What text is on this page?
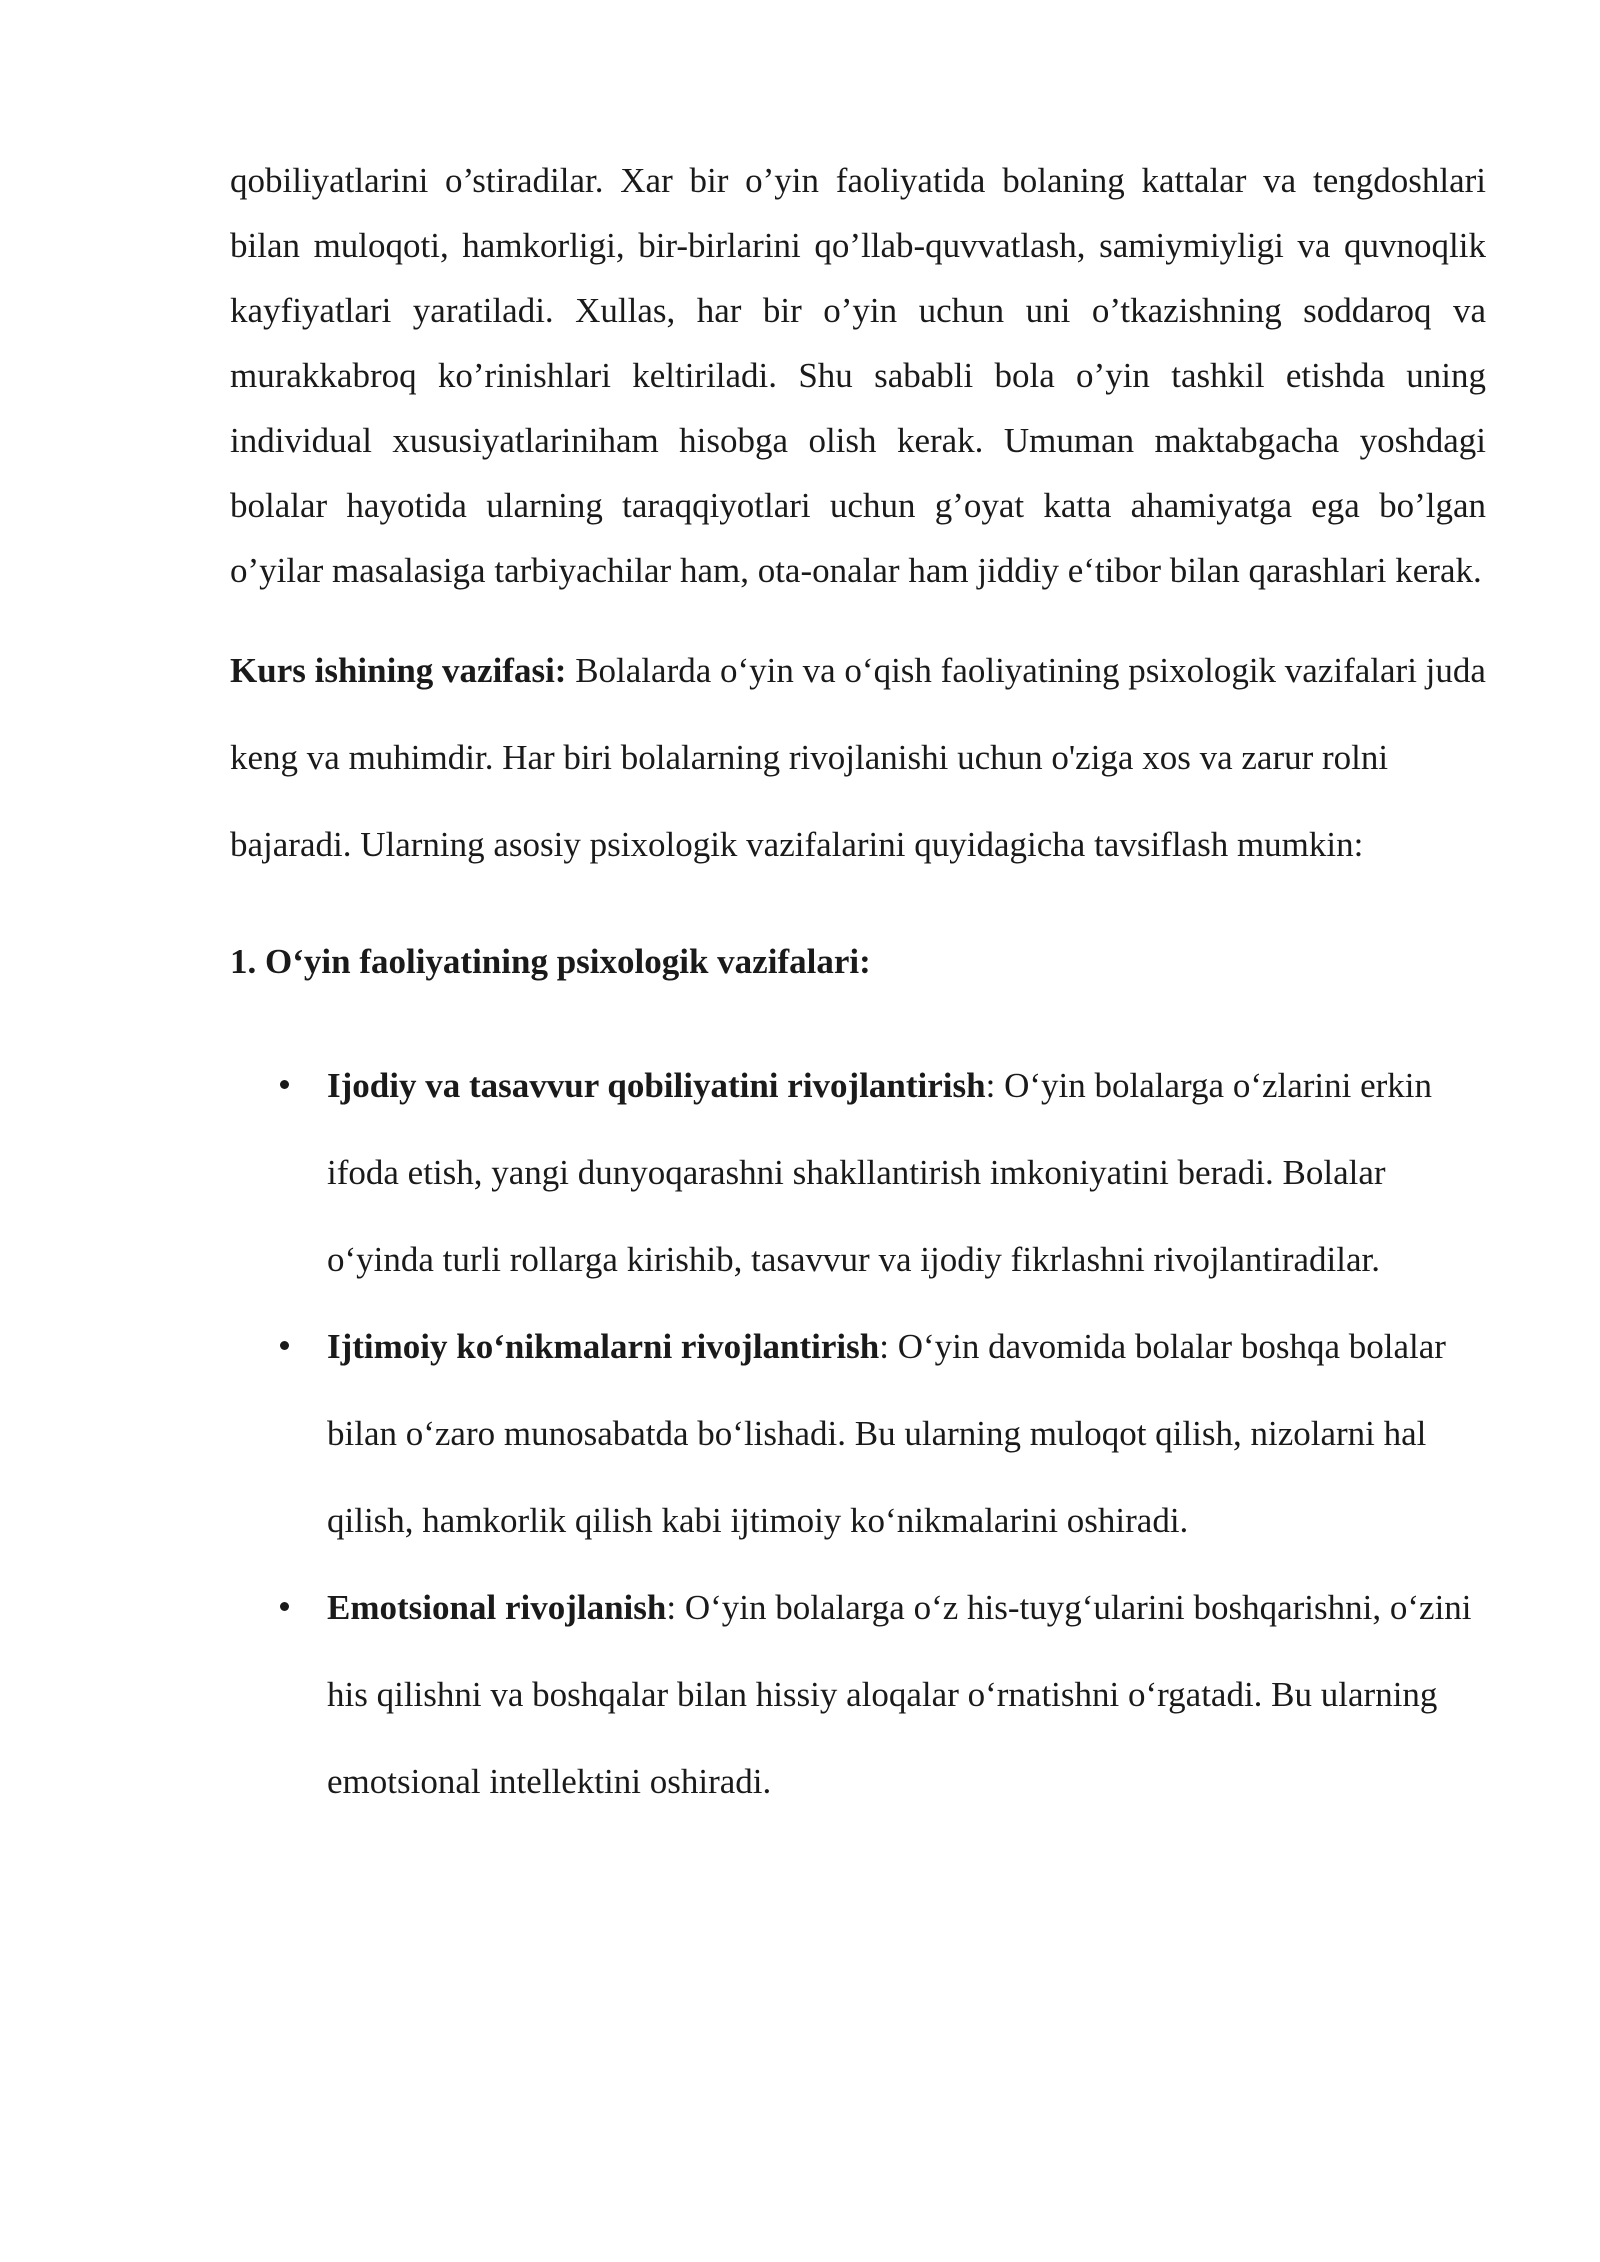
qobiliyatlarini o’stiradilar. Xar bir o’yin faoliyatida bolaning kattalar va tengdoshlari bilan muloqoti, hamkorligi, bir-birlarini qo’llab-quvvatlash, samiymiyligi va quvnoqlik kayfiyatlari yaratiladi. Xullas, har bir o’yin uchun uni o’tkazishning soddaroq va murakkabroq ko’rinishlari keltiriladi. Shu sababli bola o’yin tashkil etishda uning individual xususiyatlariniham hisobga olish kerak. Umuman maktabgacha yoshdagi bolalar hayotida ularning taraqqiyotlari uchun g’oyat katta ahamiyatga ega bo’lgan o’yilar masalasiga tarbiyachilar ham, ota-onalar ham jiddiy e‘tibor bilan qarashlari kerak.

Kurs ishining vazifasi: Bolalarda o‘yin va o‘qish faoliyatining psixologik vazifalari juda keng va muhimdir. Har biri bolalarning rivojlanishi uchun o'ziga xos va zarur rolni bajaradi. Ularning asosiy psixologik vazifalarini quyidagicha tavsiflash mumkin:

1. O‘yin faoliyatining psixologik vazifalari:

Ijodiy va tasavvur qobiliyatini rivojlantirish: O‘yin bolalarga o‘zlarini erkin ifoda etish, yangi dunyoqarashni shakllantirish imkoniyatini beradi. Bolalar o‘yinda turli rollarga kirishib, tasavvur va ijodiy fikrlashni rivojlantiradilar.
Ijtimoiy ko‘nikmalarni rivojlantirish: O‘yin davomida bolalar boshqa bolalar bilan o‘zaro munosabatda bo‘lishadi. Bu ularning muloqot qilish, nizolarni hal qilish, hamkorlik qilish kabi ijtimoiy ko‘nikmalarini oshiradi.
Emotsional rivojlanish: O‘yin bolalarga o‘z his-tuyg‘ularini boshqarishni, o‘zini his qilishni va boshqalar bilan hissiy aloqalar o‘rnatishni o‘rgatadi. Bu ularning emotsional intellektini oshiradi.
